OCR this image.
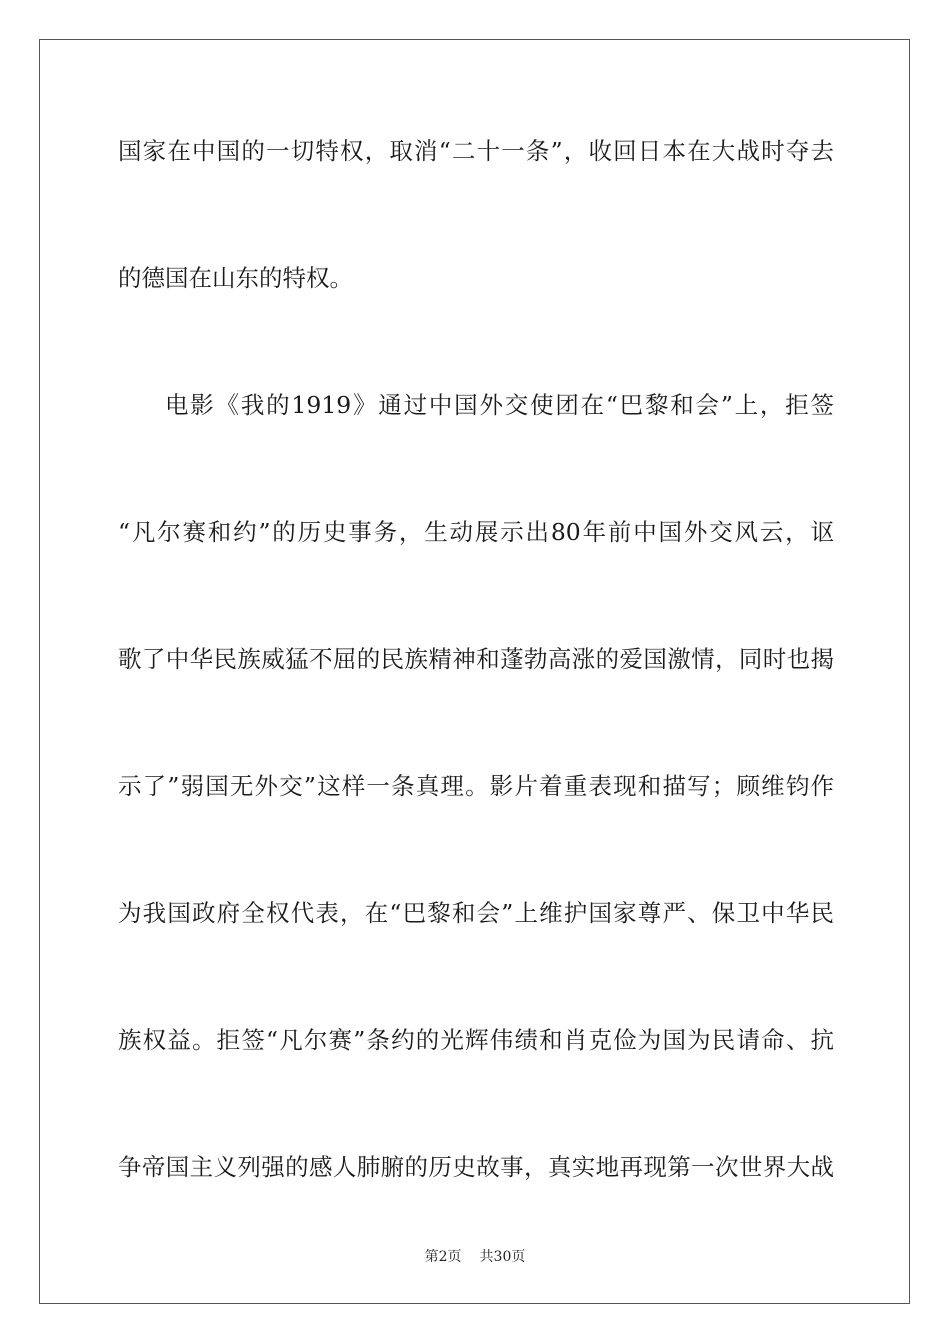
国家在中国的一切特权，取消“二十一条”，收回日本在大战时夺去
的德国在山东的特权。
电影《我的1919》通过中国外交使团在“巴黎和会”上，拒签
“凡尔赛和约”的历史事务，生动展示出80年前中国外交风云，讴
歌了中华民族威猛不屈的民族精神和蓬勃高涨的爱国激情，同时也揭
示了”弱国无外交”这样一条真理。影片着重表现和描写；顾维钧作
为我国政府全权代表，在“巴黎和会”上维护国家尊严、保卫中华民
族权益。拒签“凡尔赛”条约的光辉伟绩和肖克俭为国为民请命、抗
争帝国主义列强的感人肺腑的历史故事，真实地再现第一次世界大战
第2页 共30页
